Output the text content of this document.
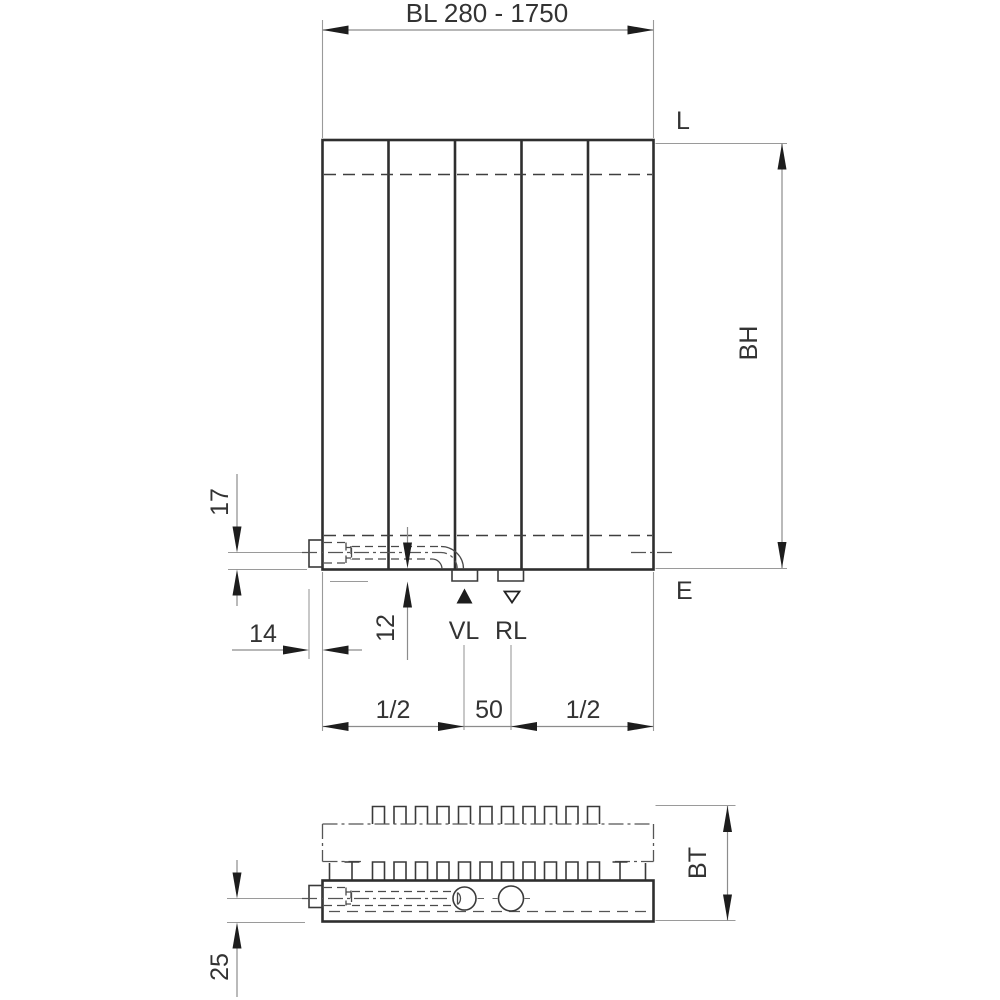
BL 280 - 1750
L
E
BH
17
14	12 VL RL
1/2	50	1/2
BT
25
